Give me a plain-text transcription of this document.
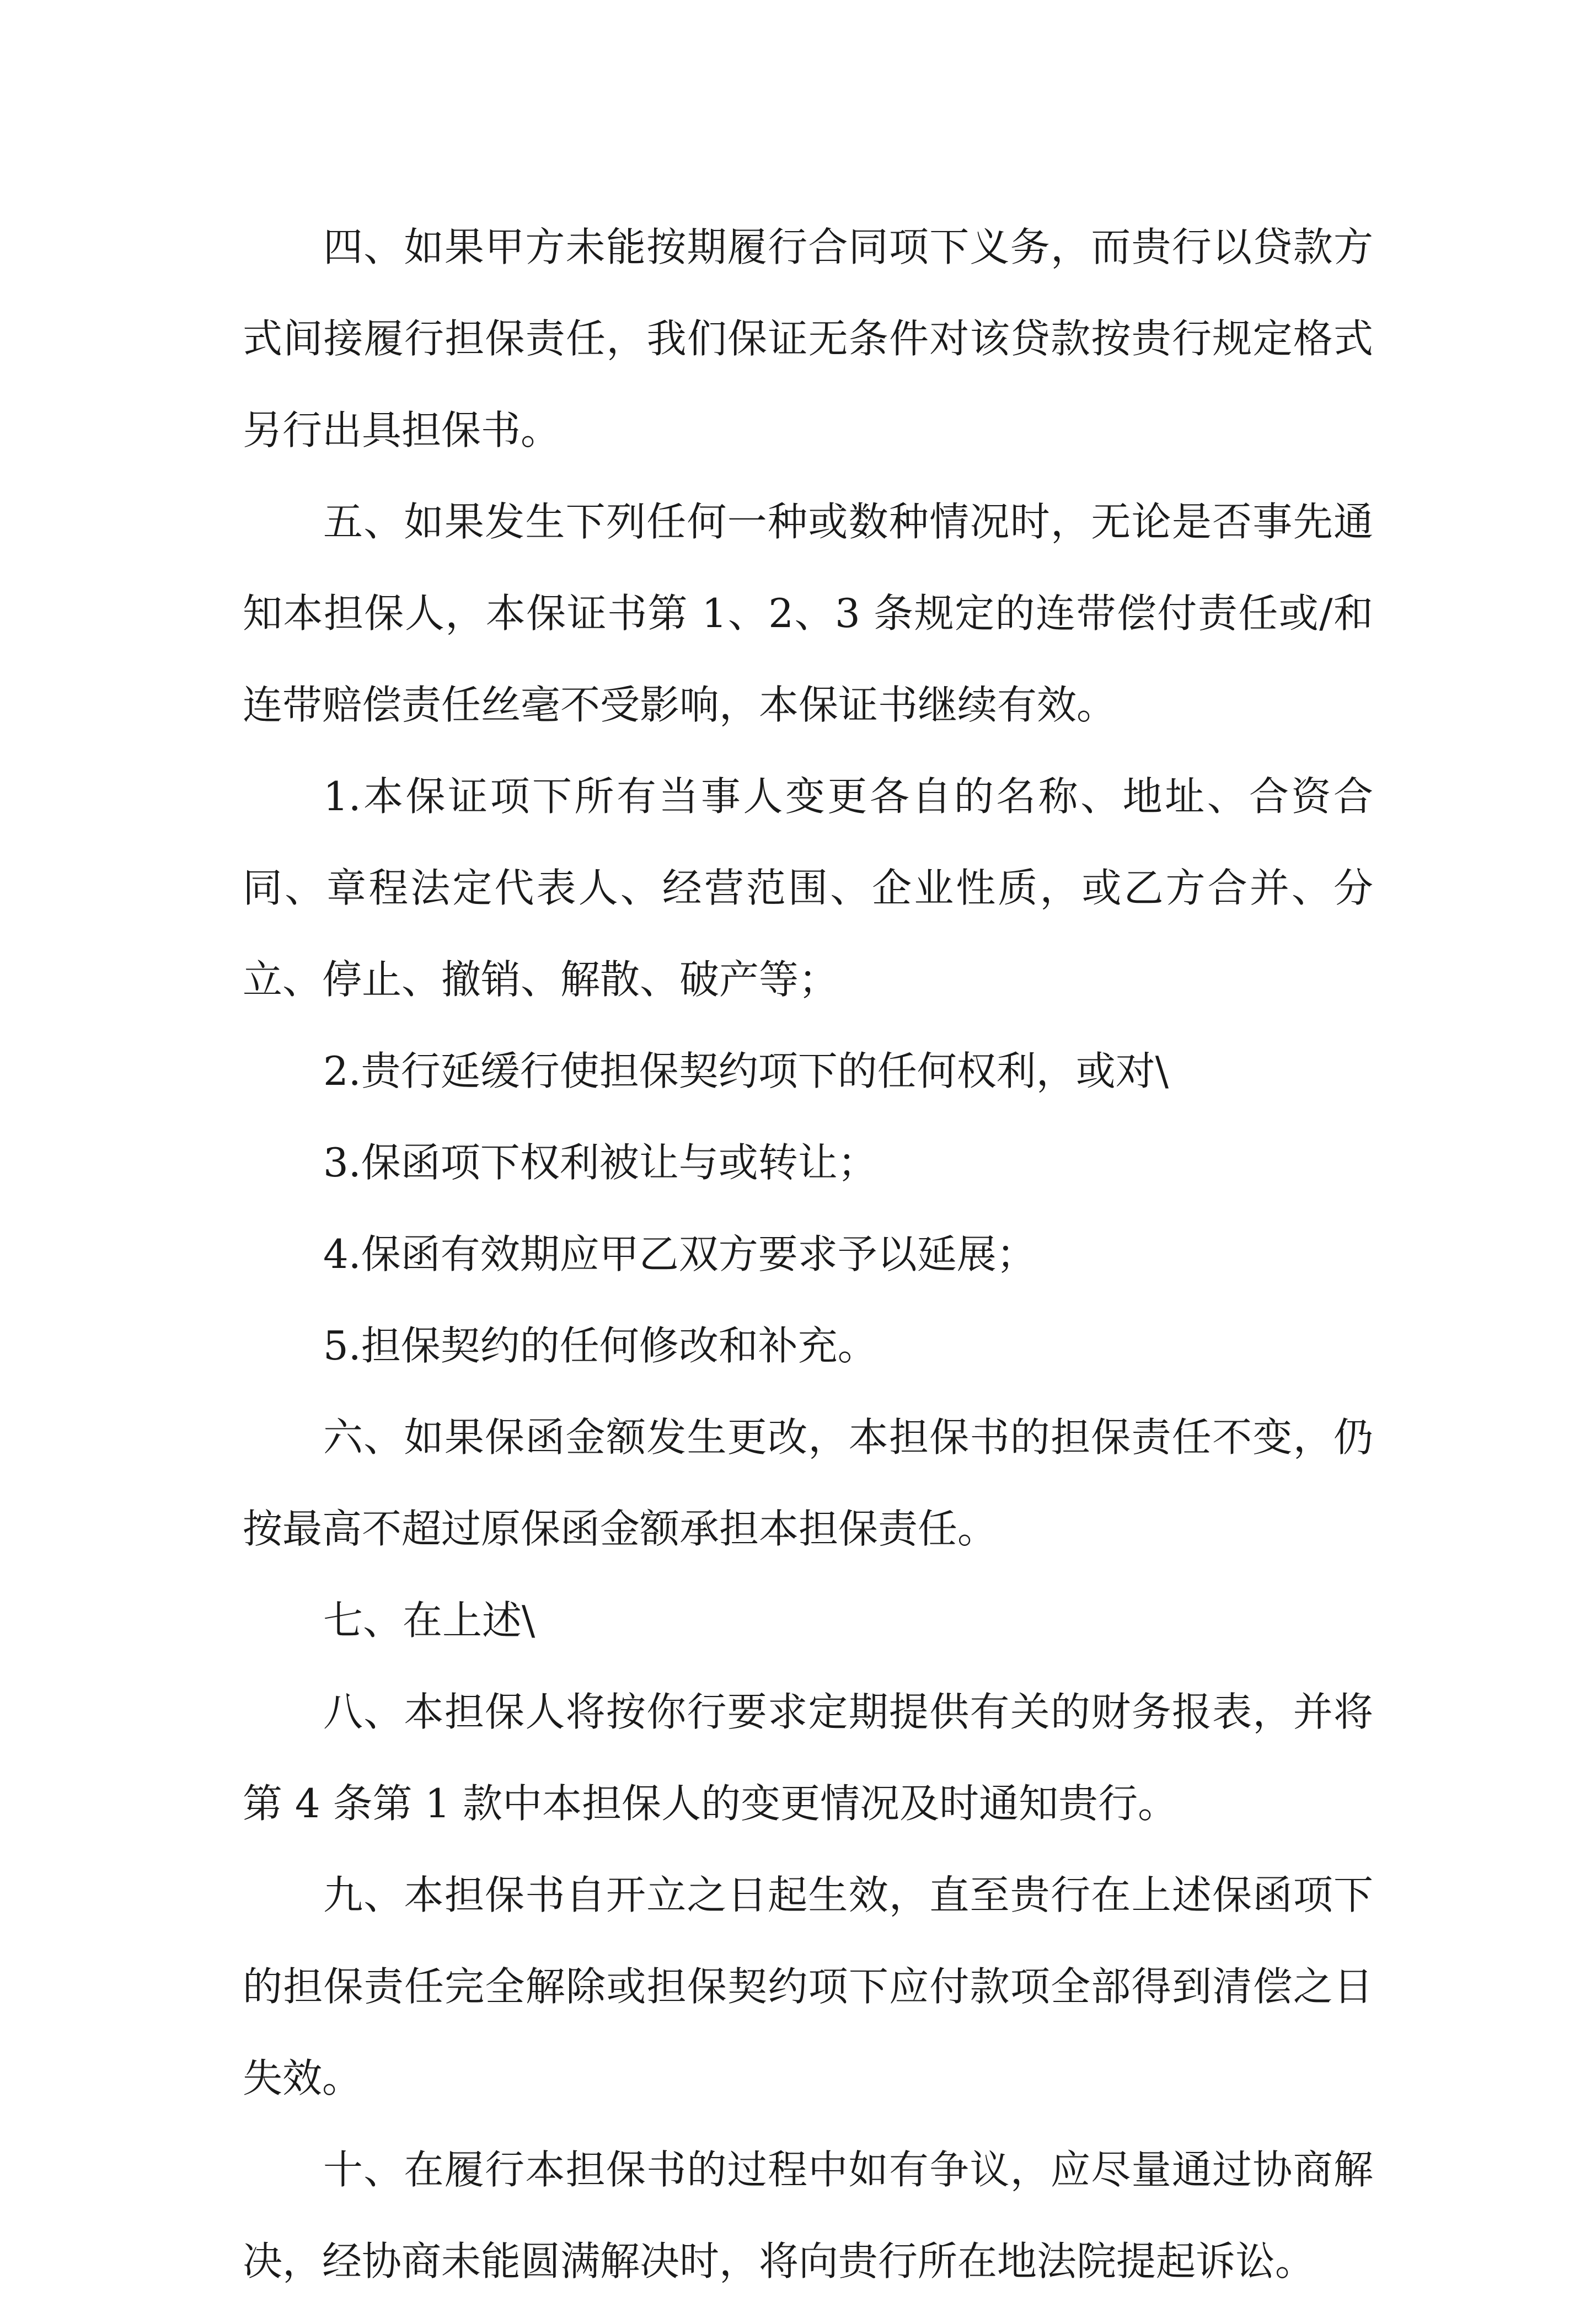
四、如果甲方未能按期履行合同项下义务，而贵行以贷款方式间接履行担保责任，我们保证无条件对该贷款按贵行规定格式另行出具担保书。

五、如果发生下列任何一种或数种情况时，无论是否事先通知本担保人，本保证书第 1、2、3 条规定的连带偿付责任或/和连带赔偿责任丝毫不受影响，本保证书继续有效。

1.本保证项下所有当事人变更各自的名称、地址、合资合同、章程法定代表人、经营范围、企业性质，或乙方合并、分立、停止、撤销、解散、破产等；

2.贵行延缓行使担保契约项下的任何权利，或对\

3.保函项下权利被让与或转让；

4.保函有效期应甲乙双方要求予以延展；

5.担保契约的任何修改和补充。

六、如果保函金额发生更改，本担保书的担保责任不变，仍按最高不超过原保函金额承担本担保责任。

七、在上述\

八、本担保人将按你行要求定期提供有关的财务报表，并将第 4 条第 1 款中本担保人的变更情况及时通知贵行。

九、本担保书自开立之日起生效，直至贵行在上述保函项下的担保责任完全解除或担保契约项下应付款项全部得到清偿之日失效。

十、在履行本担保书的过程中如有争议，应尽量通过协商解决，经协商未能圆满解决时，将向贵行所在地法院提起诉讼。
